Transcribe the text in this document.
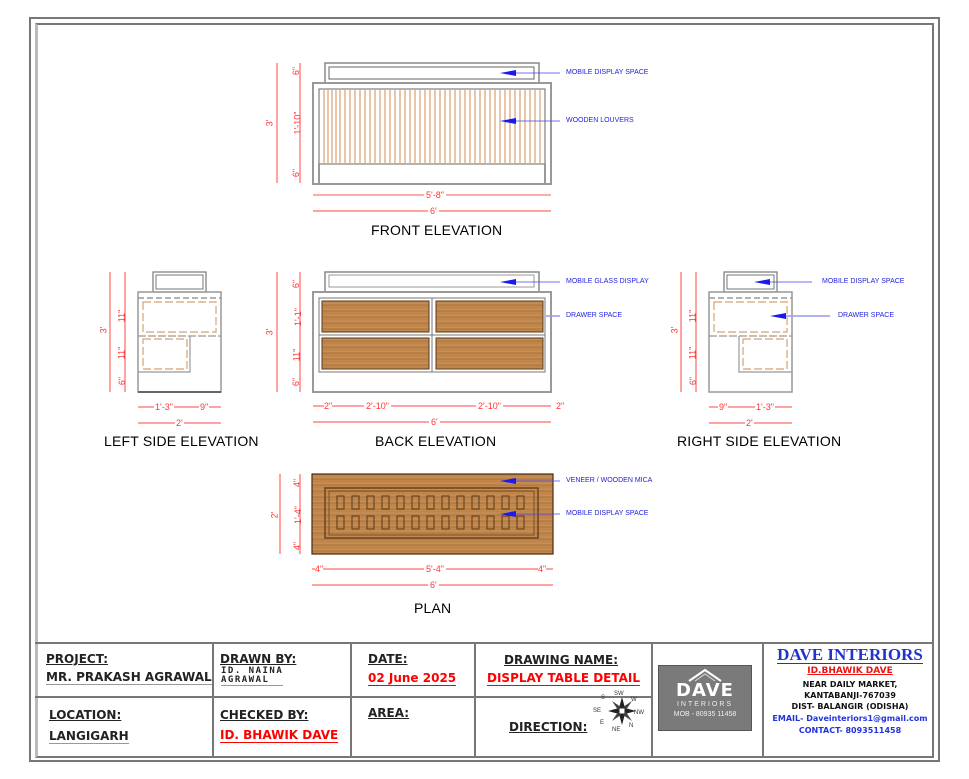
3'
6"
1'-10"
6"
5'-8"
6'
FRONT ELEVATION
MOBILE DISPLAY SPACE
WOODEN LOUVERS
3'
11"
11"
6"
1'-3"	9"
2'
LEFT SIDE ELEVATION
3'
6"
1'-1"
11"
6"
2"	2'-10"	2'-10"	2"
6'
BACK ELEVATION
MOBILE GLASS DISPLAY
DRAWER SPACE
3'
11"
11"
6"
9"	1'-3"
2'
RIGHT SIDE ELEVATION
MOBILE DISPLAY SPACE
DRAWER SPACE
2'
4"
1'-4"
4"
4"	5'-4"	4"
6'
PLAN
VENEER / WOODEN MICA
MOBILE DISPLAY SPACE
PROJECT:
MR. PRAKASH AGRAWAL
LOCATION:
LANGIGARH
DRAWN BY:
ID. NAINA
AGRAWAL
CHECKED BY:
ID. BHAWIK DAVE
DATE:
02 June 2025
AREA:
DRAWING NAME:
DISPLAY TABLE DETAIL
DIRECTION:
S
SW
W
NW
N
NE
E
SE
DAVE
INTERIORS
MOB - 80935 11458
DAVE INTERIORS
ID.BHAWIK DAVE
NEAR DAILY MARKET,
KANTABANJI-767039
DIST- BALANGIR (ODISHA)
EMAIL- Daveinteriors1@gmail.com
CONTACT- 8093511458
